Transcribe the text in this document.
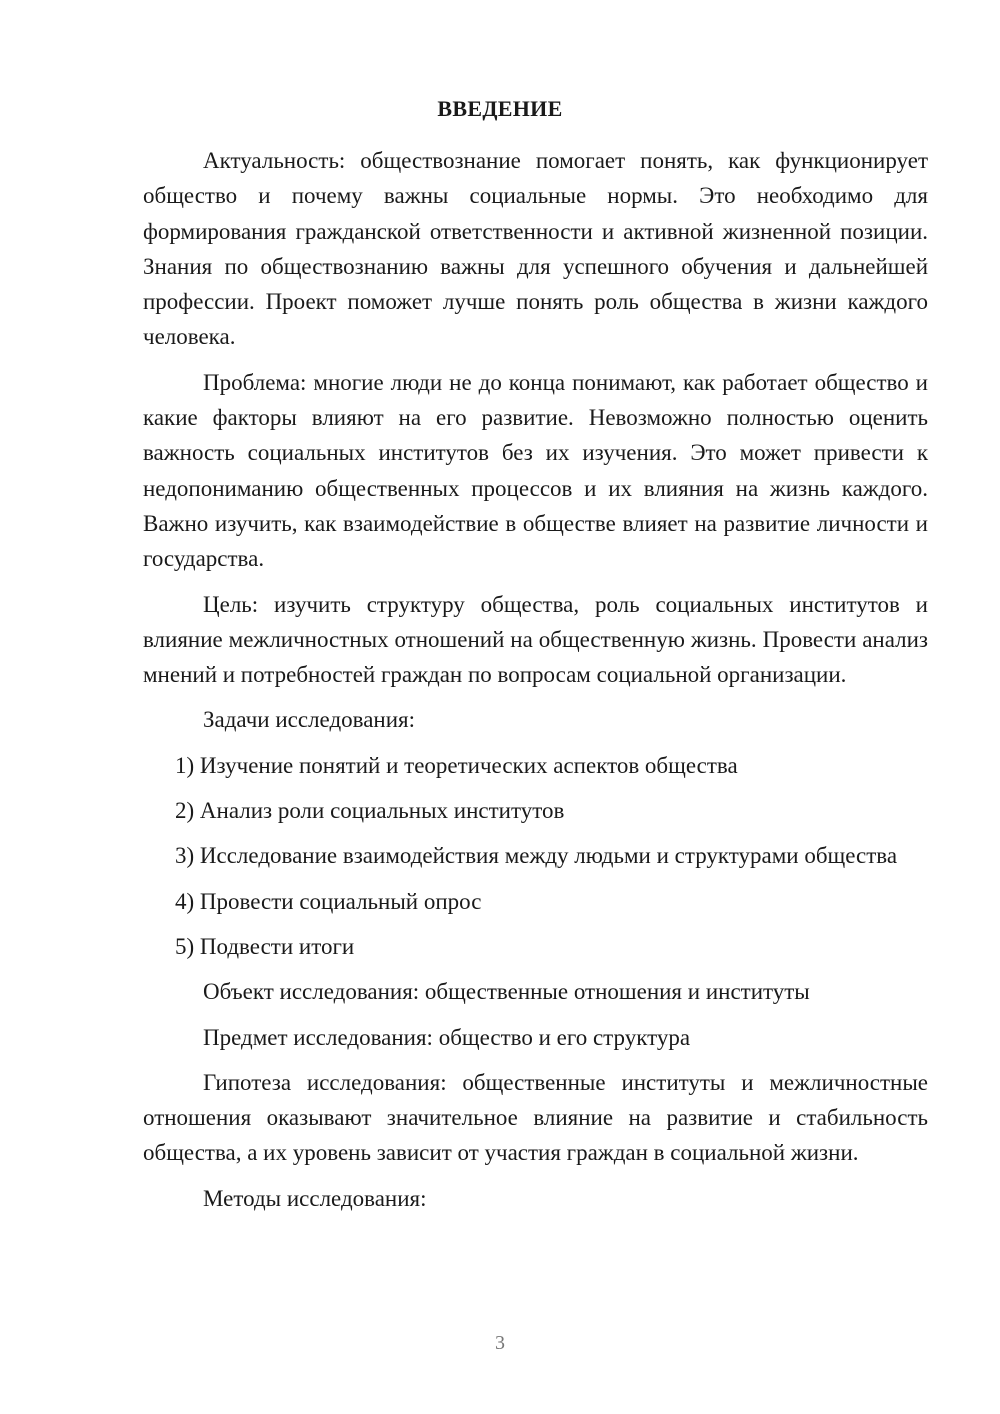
ВВЕДЕНИЕ

Актуальность: обществознание помогает понять, как функционирует общество и почему важны социальные нормы. Это необходимо для формирования гражданской ответственности и активной жизненной позиции. Знания по обществознанию важны для успешного обучения и дальнейшей профессии. Проект поможет лучше понять роль общества в жизни каждого человека.

Проблема: многие люди не до конца понимают, как работает общество и какие факторы влияют на его развитие. Невозможно полностью оценить важность социальных институтов без их изучения. Это может привести к недопониманию общественных процессов и их влияния на жизнь каждого. Важно изучить, как взаимодействие в обществе влияет на развитие личности и государства.

Цель: изучить структуру общества, роль социальных институтов и влияние межличностных отношений на общественную жизнь. Провести анализ мнений и потребностей граждан по вопросам социальной организации.

Задачи исследования:

1) Изучение понятий и теоретических аспектов общества

2) Анализ роли социальных институтов

3) Исследование взаимодействия между людьми и структурами общества

4) Провести социальный опрос

5) Подвести итоги

Объект исследования: общественные отношения и институты

Предмет исследования: общество и его структура

Гипотеза исследования: общественные институты и межличностные отношения оказывают значительное влияние на развитие и стабильность общества, а их уровень зависит от участия граждан в социальной жизни.

Методы исследования:

3
